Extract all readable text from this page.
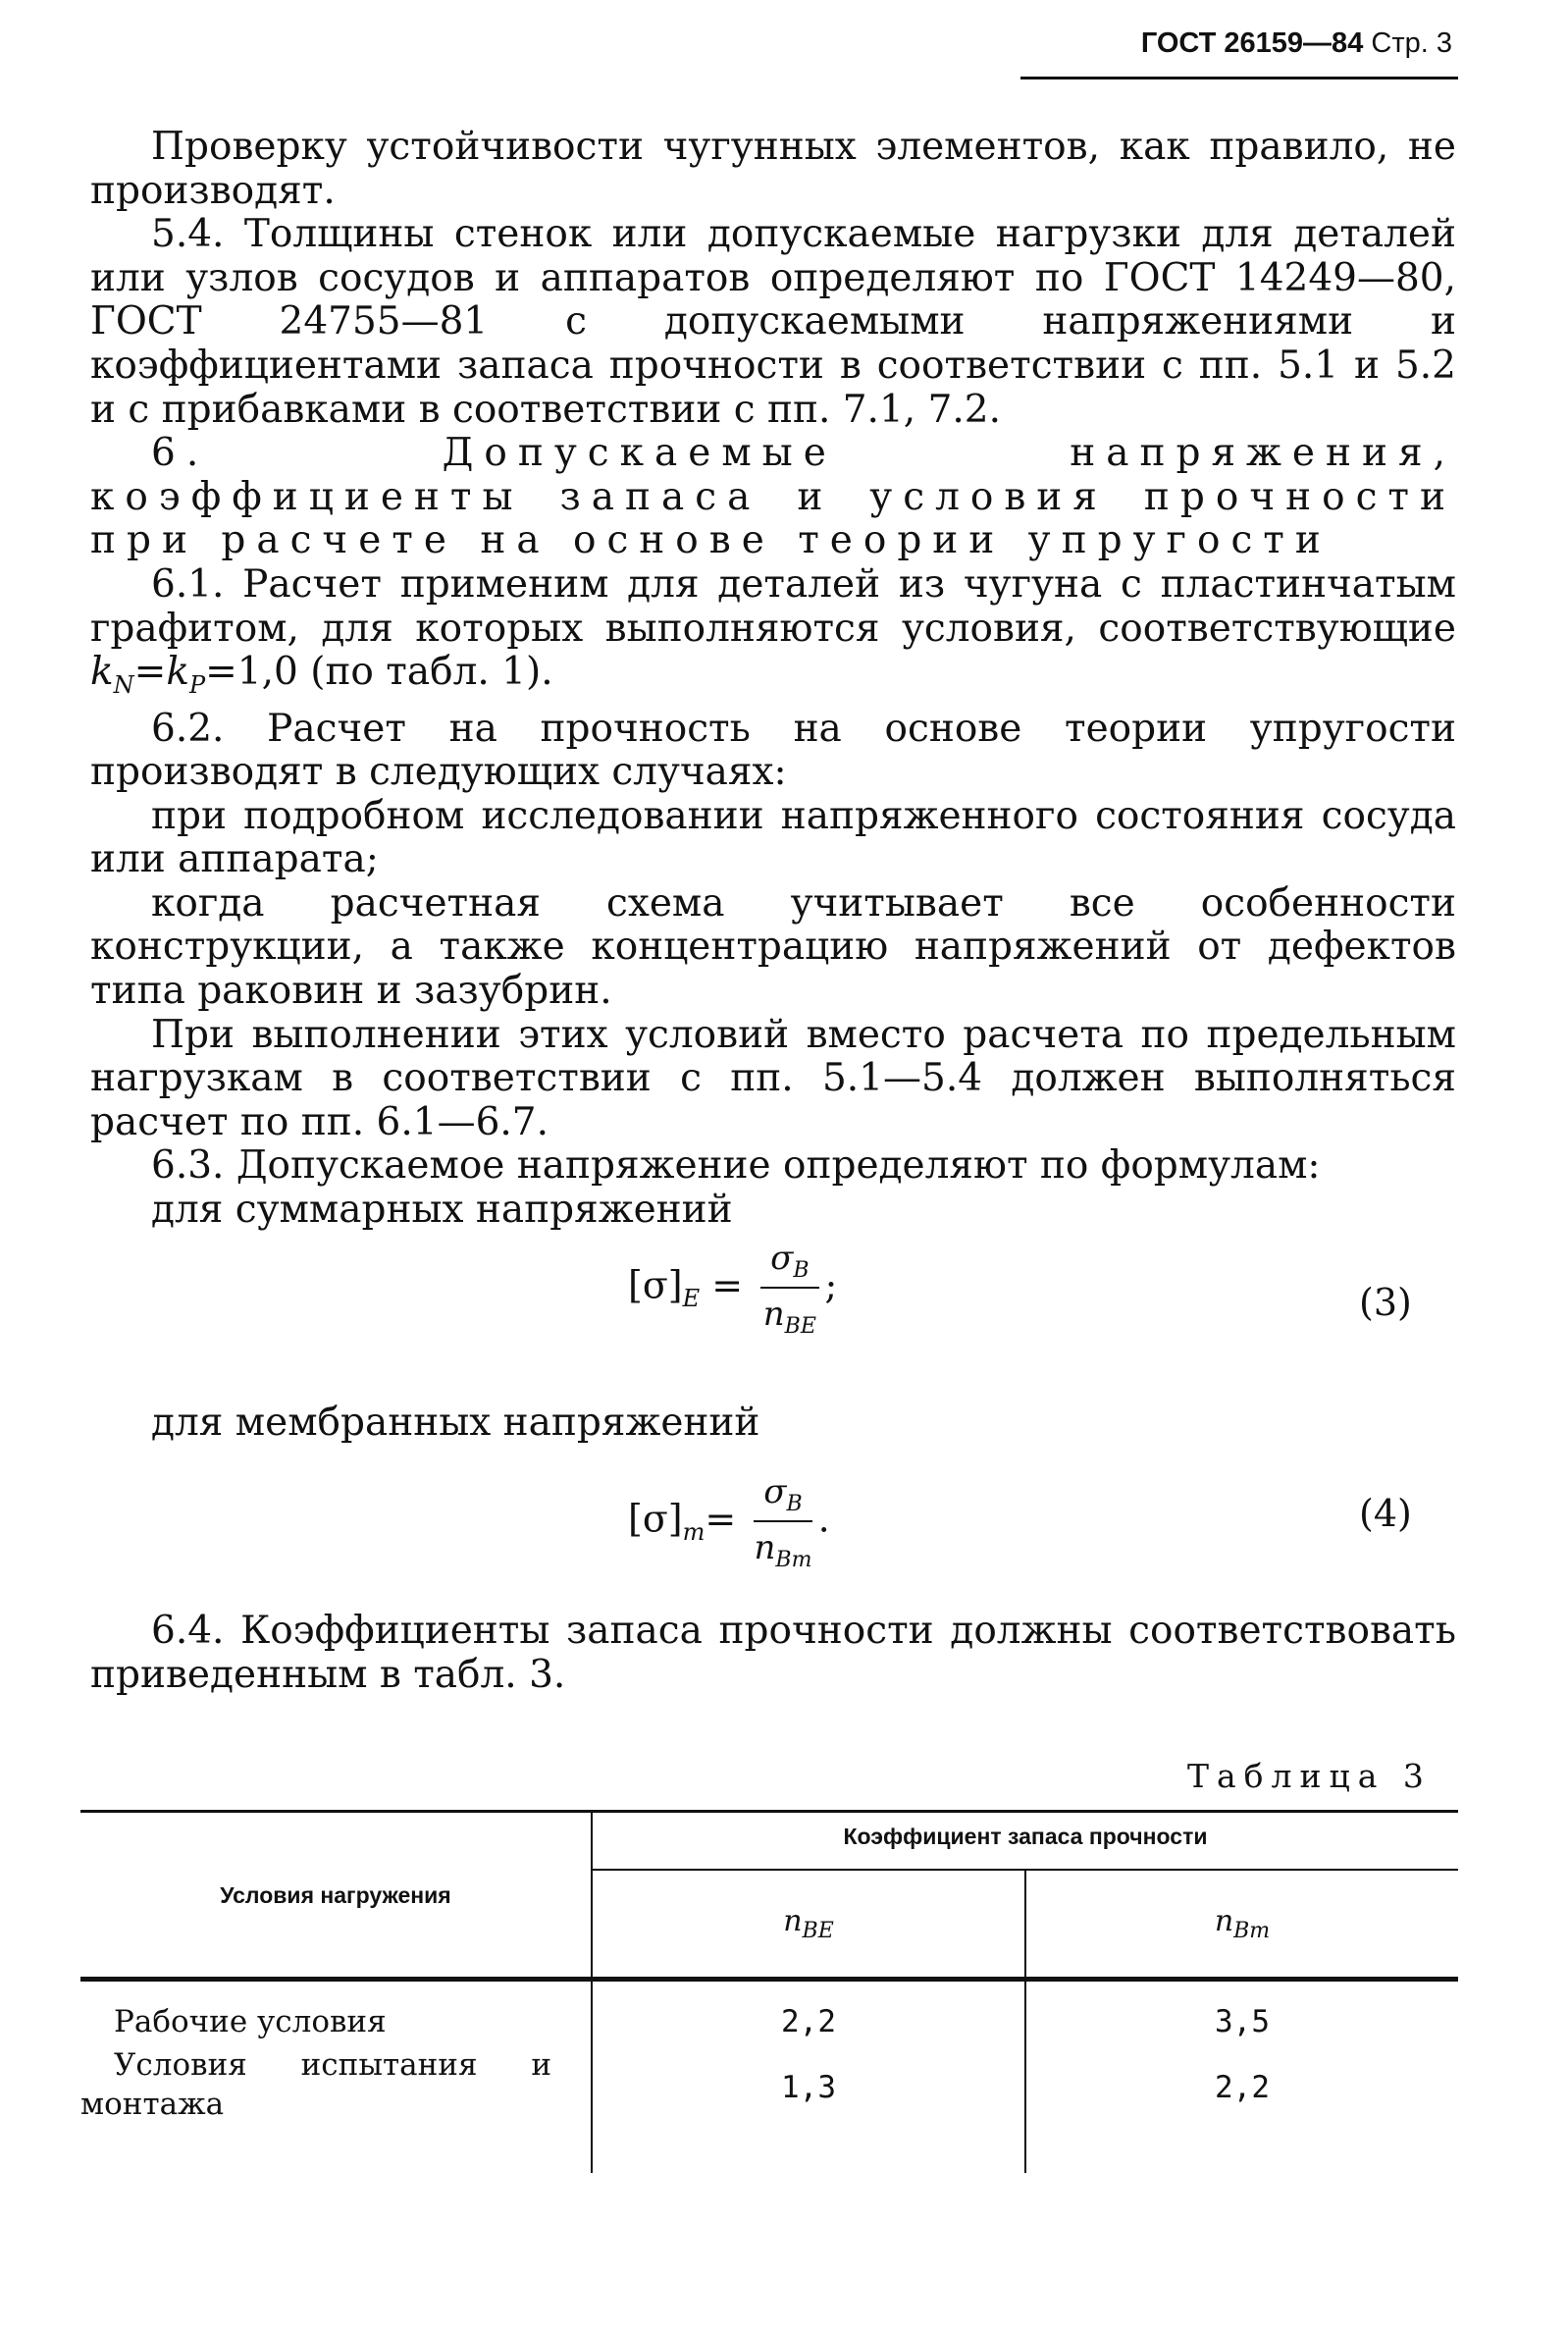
ГОСТ 26159—84 Стр. 3

Проверку устойчивости чугунных элементов, как правило, не производят.

5.4. Толщины стенок или допускаемые нагрузки для деталей или узлов сосудов и аппаратов определяют по ГОСТ 14249—80, ГОСТ 24755—81 с допускаемыми напряжениями и коэффициентами запаса прочности в соответствии с пп. 5.1 и 5.2 и с прибавками в соответствии с пп. 7.1, 7.2.

6. Допускаемые напряжения, коэффициенты запаса и условия прочности при расчете на основе теории упругости

6.1. Расчет применим для деталей из чугуна с пластинчатым графитом, для которых выполняются условия, соответствующие $k_N=k_P=1,0$ (по табл. 1).

6.2. Расчет на прочность на основе теории упругости производят в следующих случаях:

при подробном исследовании напряженного состояния сосуда или аппарата;

когда расчетная схема учитывает все особенности конструкции, а также концентрацию напряжений от дефектов типа раковин и зазубрин.

При выполнении этих условий вместо расчета по предельным нагрузкам в соответствии с пп. 5.1—5.4 должен выполняться расчет по пп. 6.1—6.7.

6.3. Допускаемое напряжение определяют по формулам:

для суммарных напряжений

$[\sigma]_E = \frac{\sigma_B}{n_{BE}}$ ;	(3)

для мембранных напряжений

$[\sigma]_m= \frac{\sigma_B}{n_{Bm}}$ .	(4)

6.4. Коэффициенты запаса прочности должны соответствовать приведенным в табл. 3.

Таблица 3
Условия нагружения
Коэффициент запаса прочности
$n_{BE}$	$n_{Bm}$
Рабочие условия	2,2	3,5
Условия испытания и монтажа	1,3	2,2
